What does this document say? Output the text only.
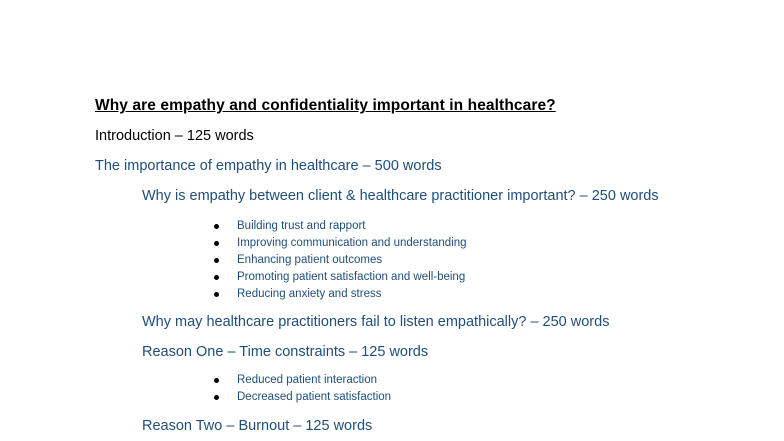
Why are empathy and confidentiality important in healthcare?
Introduction – 125 words
The importance of empathy in healthcare – 500 words
Why is empathy between client & healthcare practitioner important? – 250 words
Building trust and rapport
Improving communication and understanding
Enhancing patient outcomes
Promoting patient satisfaction and well-being
Reducing anxiety and stress
Why may healthcare practitioners fail to listen empathically? – 250 words
Reason One – Time constraints – 125 words
Reduced patient interaction
Decreased patient satisfaction
Reason Two – Burnout – 125 words
